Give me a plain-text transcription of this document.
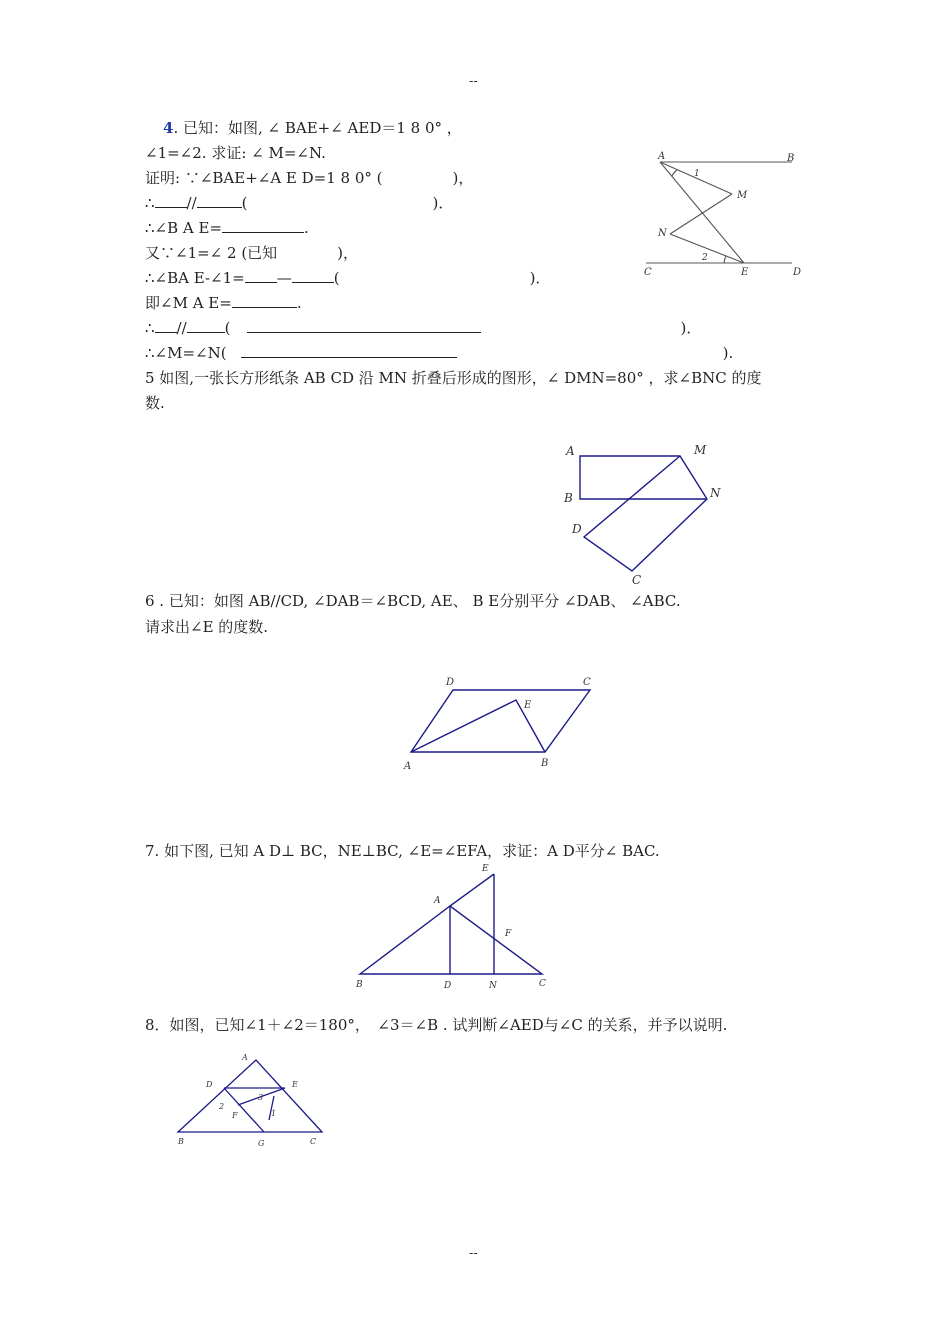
--
--
4. 已知：如图, ∠ BAE+∠ AED＝1 8 0° ，
∠1=∠2. 求证: ∠ M=∠N.
证明: ∵∠BAE+∠A E D=1 8 0° (	)，
∴ //	(	)．
∴∠B A E=	.
又∵∠1=∠ 2 (已知　　　　)，
∴∠BA E-∠1= —	(	)．
即∠M A E=	.
∴ //	(	)．
∴∠M=∠N(	).
A	B
C	E	D
M
N
1
2
5 如图,一张长方形纸条 AB CD 沿 MN 折叠后形成的图形，∠ DMN=80° ，求∠BNC 的度
数.
A	M
B	N
D
C
6 . 已知：如图 AB//CD, ∠DAB＝∠BCD, AE、 B E分别平分 ∠DAB、 ∠ABC.
请求出∠E 的度数.
D	C
E
A	B
7. 如下图, 已知 A D⊥ BC，NE⊥BC, ∠E=∠EFA，求证：A D平分∠ BAC.
E
A
F
B	D	N	C
8．如图，已知∠1＋∠2＝180°，　∠3＝∠B . 试判断∠AED与∠C 的关系，并予以说明.
A
D	E
2
3
1
F
B	G	C
